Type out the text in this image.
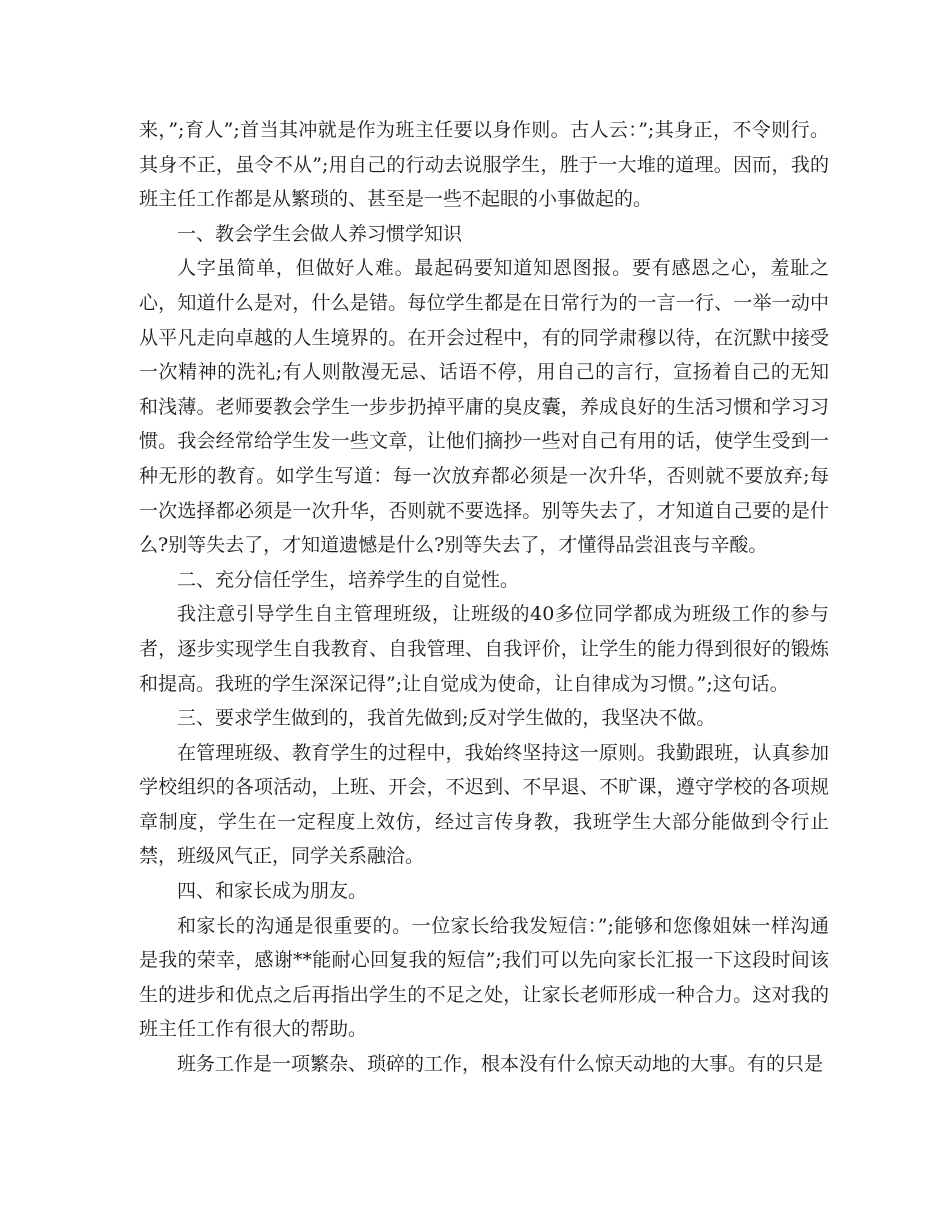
来，”;育人”;首当其冲就是作为班主任要以身作则。古人云：”;其身正，不令则行。其身不正，虽令不从”;用自己的行动去说服学生，胜于一大堆的道理。因而，我的班主任工作都是从繁琐的、甚至是一些不起眼的小事做起的。

一、教会学生会做人养习惯学知识

人字虽简单，但做好人难。最起码要知道知恩图报。要有感恩之心，羞耻之心，知道什么是对，什么是错。每位学生都是在日常行为的一言一行、一举一动中从平凡走向卓越的人生境界的。在开会过程中，有的同学肃穆以待，在沉默中接受一次精神的洗礼;有人则散漫无忌、话语不停，用自己的言行，宣扬着自己的无知和浅薄。老师要教会学生一步步扔掉平庸的臭皮囊，养成良好的生活习惯和学习习惯。我会经常给学生发一些文章，让他们摘抄一些对自己有用的话，使学生受到一种无形的教育。如学生写道：每一次放弃都必须是一次升华，否则就不要放弃;每一次选择都必须是一次升华，否则就不要选择。别等失去了，才知道自己要的是什么?别等失去了，才知道遗憾是什么?别等失去了，才懂得品尝沮丧与辛酸。

二、充分信任学生，培养学生的自觉性。

我注意引导学生自主管理班级，让班级的40多位同学都成为班级工作的参与者，逐步实现学生自我教育、自我管理、自我评价，让学生的能力得到很好的锻炼和提高。我班的学生深深记得”;让自觉成为使命，让自律成为习惯。”;这句话。

三、要求学生做到的，我首先做到;反对学生做的，我坚决不做。

在管理班级、教育学生的过程中，我始终坚持这一原则。我勤跟班，认真参加学校组织的各项活动，上班、开会，不迟到、不早退、不旷课，遵守学校的各项规章制度，学生在一定程度上效仿，经过言传身教，我班学生大部分能做到令行止禁，班级风气正，同学关系融洽。

四、和家长成为朋友。

和家长的沟通是很重要的。一位家长给我发短信：”;能够和您像姐妹一样沟通是我的荣幸，感谢**能耐心回复我的短信”;我们可以先向家长汇报一下这段时间该生的进步和优点之后再指出学生的不足之处，让家长老师形成一种合力。这对我的班主任工作有很大的帮助。

班务工作是一项繁杂、琐碎的工作，根本没有什么惊天动地的大事。有的只是
